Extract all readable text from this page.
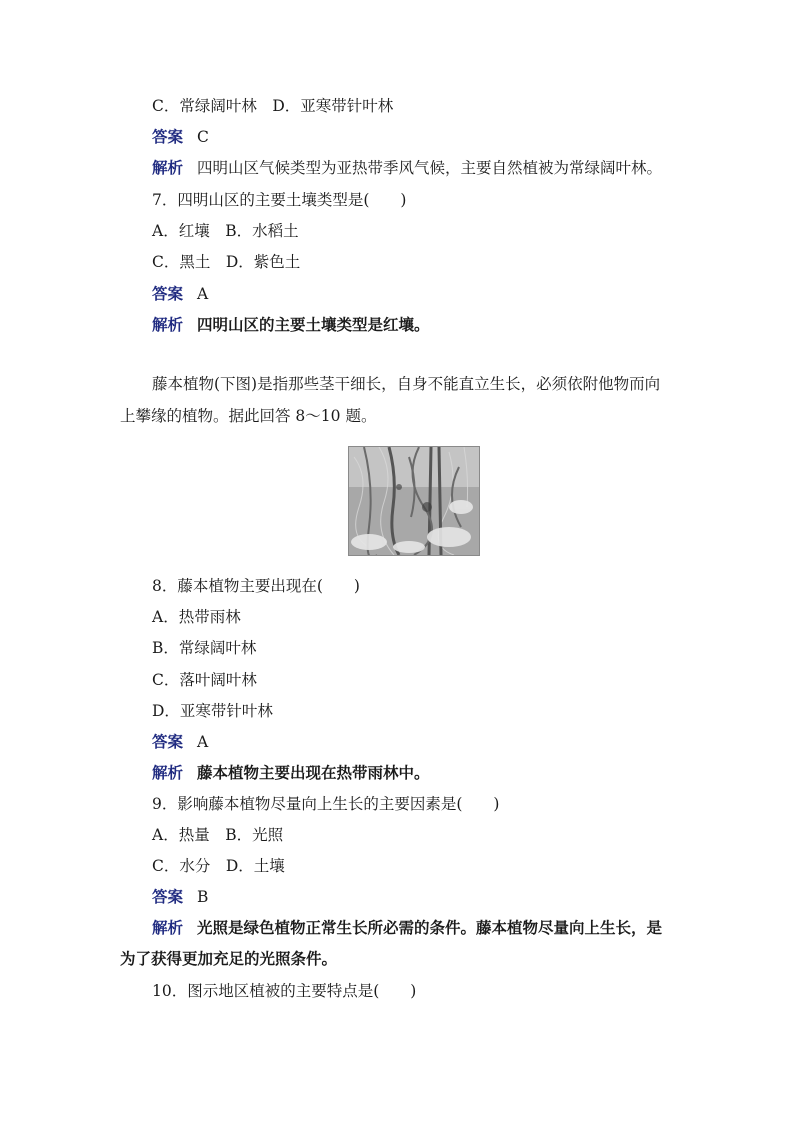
C．常绿阔叶林　D．亚寒带针叶林
答案 C
解析 四明山区气候类型为亚热带季风气候，主要自然植被为常绿阔叶林。
7．四明山区的主要土壤类型是(　　)
A．红壤　B．水稻土
C．黑土　D．紫色土
答案 A
解析 四明山区的主要土壤类型是红壤。
藤本植物(下图)是指那些茎干细长，自身不能直立生长，必须依附他物而向
上攀缘的植物。据此回答 8～10 题。
8．藤本植物主要出现在(　　)
A．热带雨林
B．常绿阔叶林
C．落叶阔叶林
D．亚寒带针叶林
答案 A
解析 藤本植物主要出现在热带雨林中。
9．影响藤本植物尽量向上生长的主要因素是(　　)
A．热量　B．光照
C．水分　D．土壤
答案 B
解析 光照是绿色植物正常生长所必需的条件。藤本植物尽量向上生长，是
为了获得更加充足的光照条件。
10．图示地区植被的主要特点是(　　)
